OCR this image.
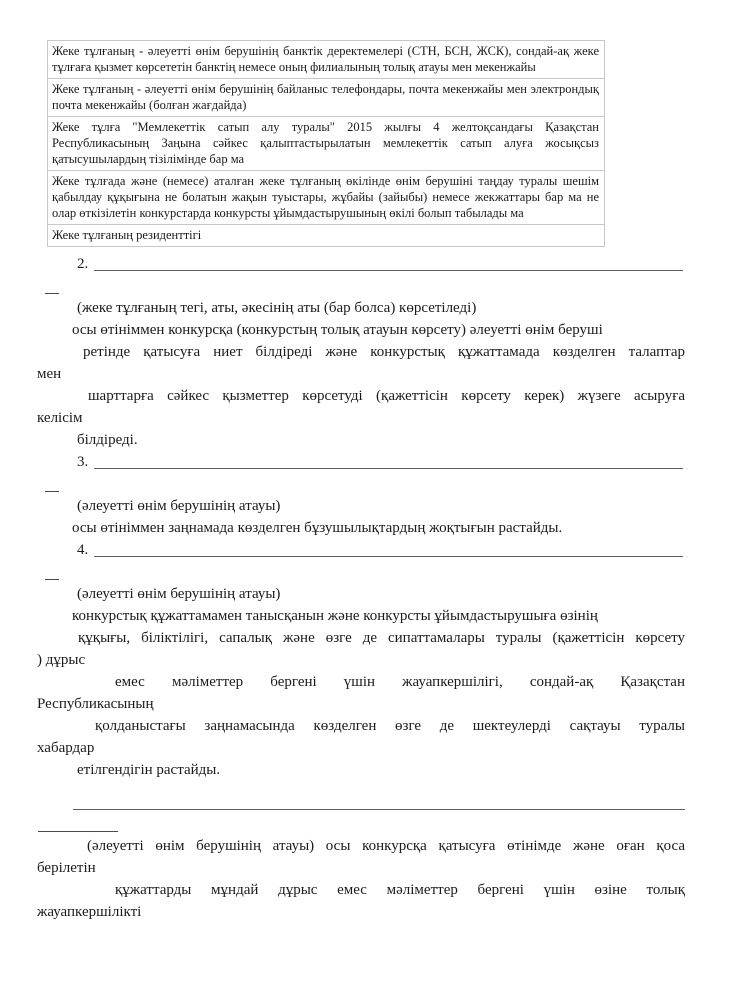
Жеке тұлғаның - әлеуетті өнім берушінің банктік деректемелері (СТН, БСН, ЖСК), сондай-ақ жеке тұлғаға қызмет көрсететін банктің немесе оның филиалының толық атауы мен мекенжайы
Жеке тұлғаның - әлеуетті өнім берушінің байланыс телефондары, почта мекенжайы мен электрондық почта мекенжайы (болған жағдайда)
Жеке тұлға "Мемлекеттік сатып алу туралы" 2015 жылғы 4 желтоқсандағы Қазақстан Республикасының Заңына сәйкес қалыптастырылатын мемлекеттік сатып алуға жосықсыз қатысушылардың тізілімінде бар ма
Жеке тұлғада және (немесе) аталған жеке тұлғаның өкілінде өнім берушіні таңдау туралы шешім қабылдау құқығына не болатын жақын туыстары, жұбайы (зайыбы) немесе жекжаттары бар ма не олар өткізілетін конкурстарда конкурсты ұйымдастырушының өкілі болып табылады ма
Жеке тұлғаның резиденттігі
2.
(жеке тұлғаның тегі, аты, әкесінің аты (бар болса) көрсетіледі)
осы өтініммен конкурсқа (конкурстың толық атауын көрсету) әлеуетті өнім беруші
ретінде қатысуға ниет білдіреді және конкурстық құжаттамада көзделген талаптар
мен
шарттарға сәйкес қызметтер көрсетуді (қажеттісін көрсету керек) жүзеге асыруға
келісім
білдіреді.
3.
(әлеуетті өнім берушінің атауы)
осы өтініммен заңнамада көзделген бұзушылықтардың жоқтығын растайды.
4.
(әлеуетті өнім берушінің атауы)
конкурстық құжаттамамен танысқанын және конкурсты ұйымдастырушыға өзінің
құқығы, біліктілігі, сапалық және өзге де сипаттамалары туралы (қажеттісін көрсету
) дұрыс
емес мәліметтер бергені үшін жауапкершілігі, сондай-ақ Қазақстан
Республикасының
қолданыстағы заңнамасында көзделген өзге де шектеулерді сақтауы туралы
хабардар
етілгендігін растайды.
(әлеуетті өнім берушінің атауы) осы конкурсқа қатысуға өтінімде және оған қоса
берілетін
құжаттарды мұндай дұрыс емес мәліметтер бергені үшін өзіне толық
жауапкершілікті
